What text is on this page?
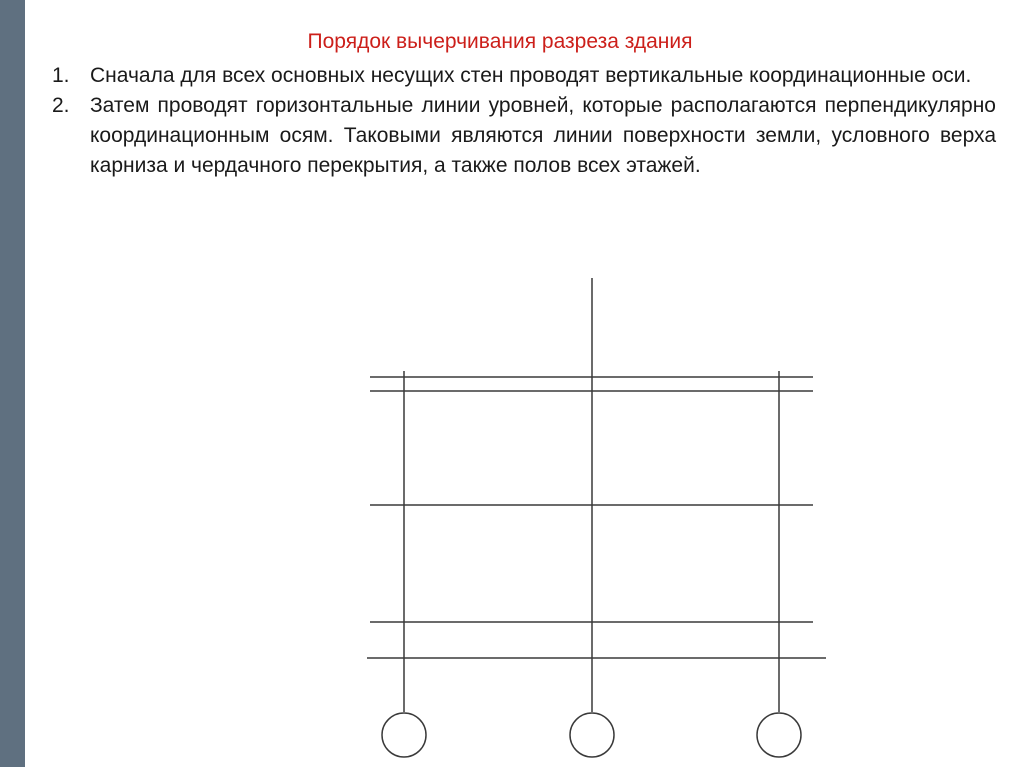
Порядок вычерчивания разреза здания
1. Сначала для всех основных несущих стен проводят вертикальные координационные оси.
2. Затем проводят горизонтальные линии уровней, которые располагаются перпендикулярно координационным осям. Таковыми являются линии поверхности земли, условного верха карниза и чердачного перекрытия, а также полов всех этажей.
